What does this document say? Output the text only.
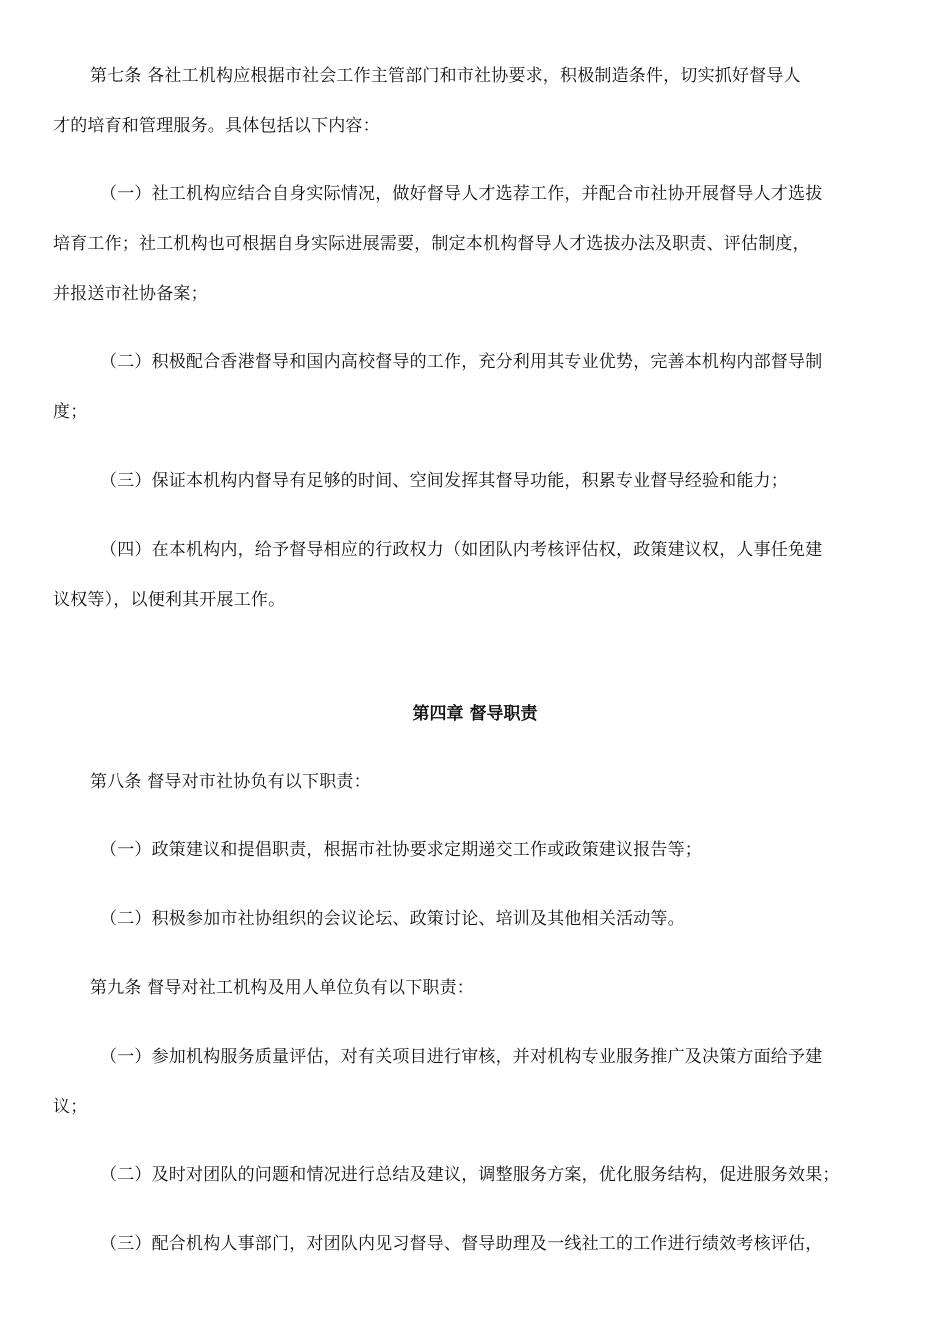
第七条 各社工机构应根据市社会工作主管部门和市社协要求，积极制造条件，切实抓好督导人
才的培育和管理服务。具体包括以下内容：
（一）社工机构应结合自身实际情况，做好督导人才选荐工作，并配合市社协开展督导人才选拔
培育工作；社工机构也可根据自身实际进展需要，制定本机构督导人才选拔办法及职责、评估制度，
并报送市社协备案；
（二）积极配合香港督导和国内高校督导的工作，充分利用其专业优势，完善本机构内部督导制
度；
（三）保证本机构内督导有足够的时间、空间发挥其督导功能，积累专业督导经验和能力；
（四）在本机构内，给予督导相应的行政权力（如团队内考核评估权，政策建议权，人事任免建
议权等），以便利其开展工作。
第四章 督导职责
第八条 督导对市社协负有以下职责：
（一）政策建议和提倡职责，根据市社协要求定期递交工作或政策建议报告等；
（二）积极参加市社协组织的会议论坛、政策讨论、培训及其他相关活动等。
第九条 督导对社工机构及用人单位负有以下职责：
（一）参加机构服务质量评估，对有关项目进行审核，并对机构专业服务推广及决策方面给予建
议；
（二）及时对团队的问题和情况进行总结及建议，调整服务方案，优化服务结构，促进服务效果；
（三）配合机构人事部门，对团队内见习督导、督导助理及一线社工的工作进行绩效考核评估，
